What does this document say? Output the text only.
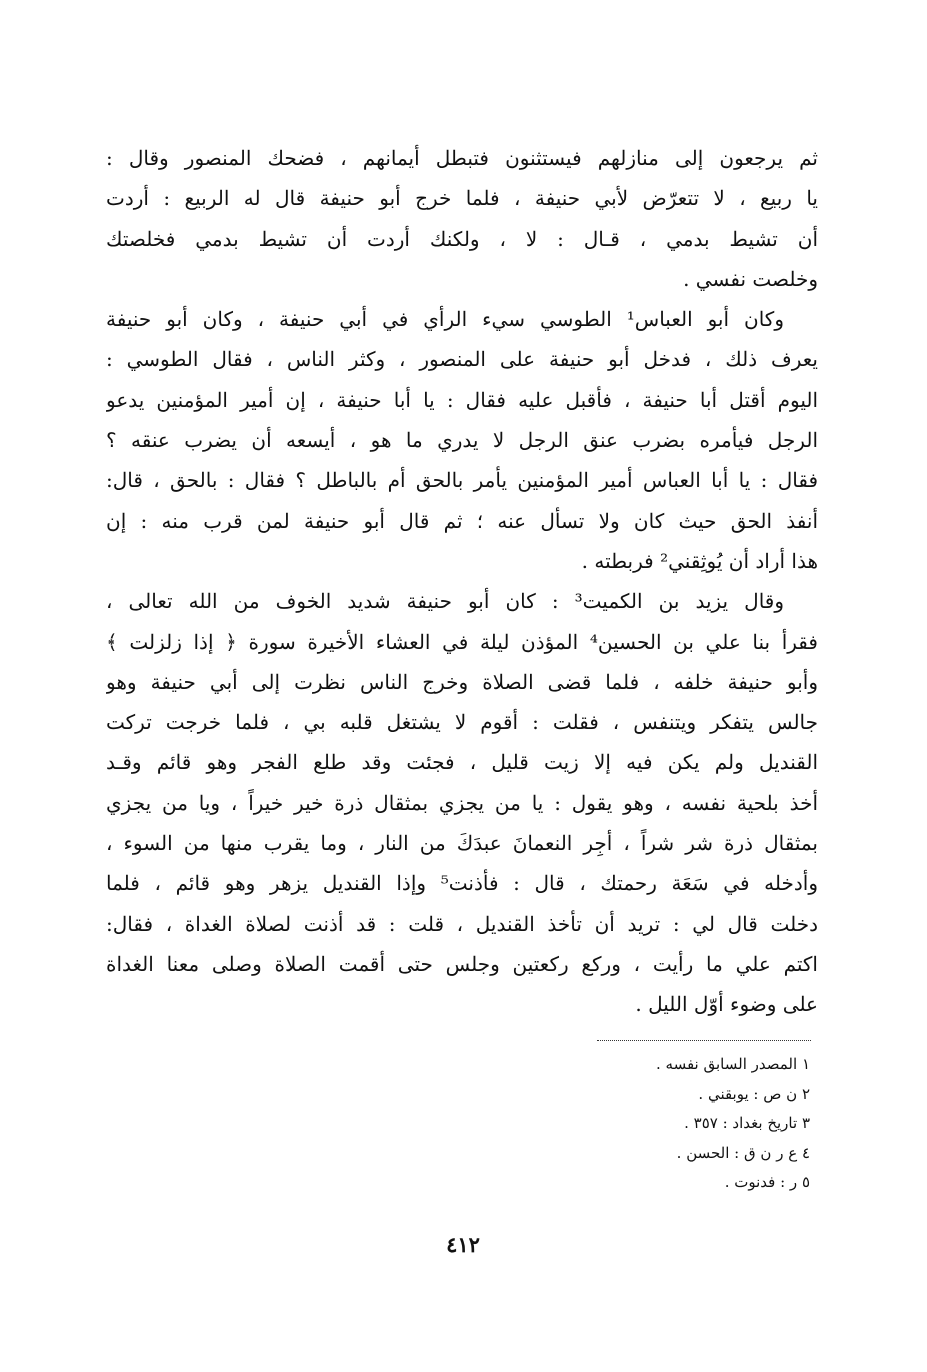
ثم يرجعون إلى منازلهم فيستثنون فتبطل أيمانهم ، فضحك المنصور وقال :
يا ربيع ، لا تتعرّض لأبي حنيفة ، فلما خرج أبو حنيفة قال له الربيع : أردت
أن تشيط بدمي ، قـال : لا ، ولكنك أردت أن تشيط بدمي فخلصتك
وخلصت نفسي .
وكان أبو العباس¹ الطوسي سيء الرأي في أبي حنيفة ، وكان أبو حنيفة
يعرف ذلك ، فدخل أبو حنيفة على المنصور ، وكثر الناس ، فقال الطوسي :
اليوم أقتل أبا حنيفة ، فأقبل عليه فقال : يا أبا حنيفة ، إن أمير المؤمنين يدعو
الرجل فيأمره بضرب عنق الرجل لا يدري ما هو ، أيسعه أن يضرب عنقه ؟
فقال : يا أبا العباس أمير المؤمنين يأمر بالحق أم بالباطل ؟ فقال : بالحق ، قال:
أنفذ الحق حيث كان ولا تسأل عنه ؛ ثم قال أبو حنيفة لمن قرب منه : إن
هذا أراد أن يُوثِقني² فربطته .
وقال يزيد بن الكميت³ : كان أبو حنيفة شديد الخوف من الله تعالى ،
فقرأ بنا علي بن الحسين⁴ المؤذن ليلة في العشاء الأخيرة سورة ﴿ إذا زلزلت ﴾
وأبو حنيفة خلفه ، فلما قضى الصلاة وخرج الناس نظرت إلى أبي حنيفة وهو
جالس يتفكر ويتنفس ، فقلت : أقوم لا يشتغل قلبه بي ، فلما خرجت تركت
القنديل ولم يكن فيه إلا زيت قليل ، فجئت وقد طلع الفجر وهو قائم وقـد
أخذ بلحية نفسه ، وهو يقول : يا من يجزي بمثقال ذرة خير خيراً ، ويا من يجزي
بمثقال ذرة شر شراً ، أجِر النعمانَ عبدَكَ من النار ، وما يقرب منها من السوء ،
وأدخله في سَعَة رحمتك ، قال : فأذنت⁵ وإذا القنديل يزهر وهو قائم ، فلما
دخلت قال لي : تريد أن تأخذ القنديل ، قلت : قد أذنت لصلاة الغداة ، فقال:
اكتم علي ما رأيت ، وركع ركعتين وجلس حتى أقمت الصلاة وصلى معنا الغداة
على وضوء أوّل الليل .
١ المصدر السابق نفسه .
٢ ن ص : يوبقني .
٣ تاريخ بغداد : ٣٥٧ .
٤ ع ر ن ق : الحسن .
٥ ر : فدنوت .
٤١٢
